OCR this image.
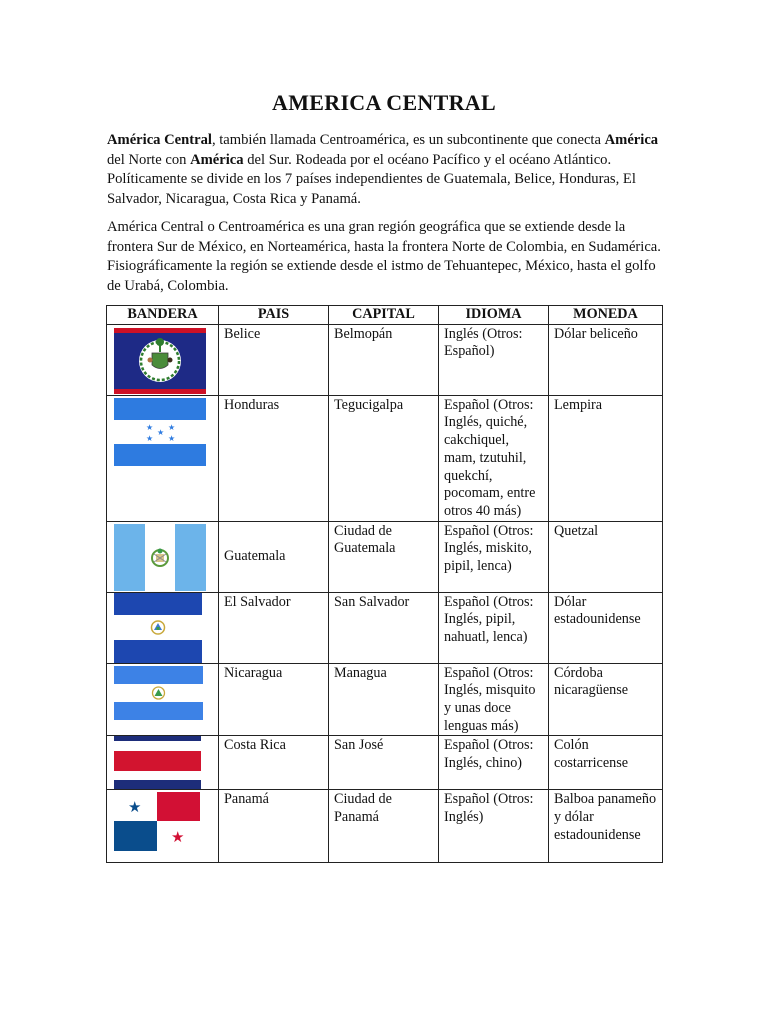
AMERICA CENTRAL

América Central, también llamada Centroamérica, es un subcontinente que conecta América del Norte con América del Sur. Rodeada por el océano Pacífico y el océano Atlántico. Políticamente se divide en los 7 países independientes de Guatemala, Belice, Honduras, El Salvador, Nicaragua, Costa Rica y Panamá.

América Central o Centroamérica es una gran región geográfica que se extiende desde la frontera Sur de México, en Norteamérica, hasta la frontera Norte de Colombia, en Sudamérica. Fisiográficamente la región se extiende desde el istmo de Tehuantepec, México, hasta el golfo de Urabá, Colombia.

BANDERA	PAIS	CAPITAL	IDIOMA	MONEDA

	Belice	Belmopán	Inglés (Otros: Español)	Dólar beliceño

★ ★
★
★ ★	Honduras	Tegucigalpa	Español (Otros: Inglés, quiché, cakchiquel, mam, tzutuhil, quekchí, pocomam, entre otros 40 más)	Lempira

	Guatemala	Ciudad de Guatemala	Español (Otros: Inglés, miskito, pipil, lenca)	Quetzal

	El Salvador	San Salvador	Español (Otros: Inglés, pipil, nahuatl, lenca)	Dólar estadounidense

	Nicaragua	Managua	Español (Otros: Inglés, misquito y unas doce lenguas más)	Córdoba nicaragüense

	Costa Rica	San José	Español (Otros: Inglés, chino)	Colón costarricense

★
★	Panamá	Ciudad de Panamá	Español (Otros: Inglés)	Balboa panameño y dólar estadounidense
